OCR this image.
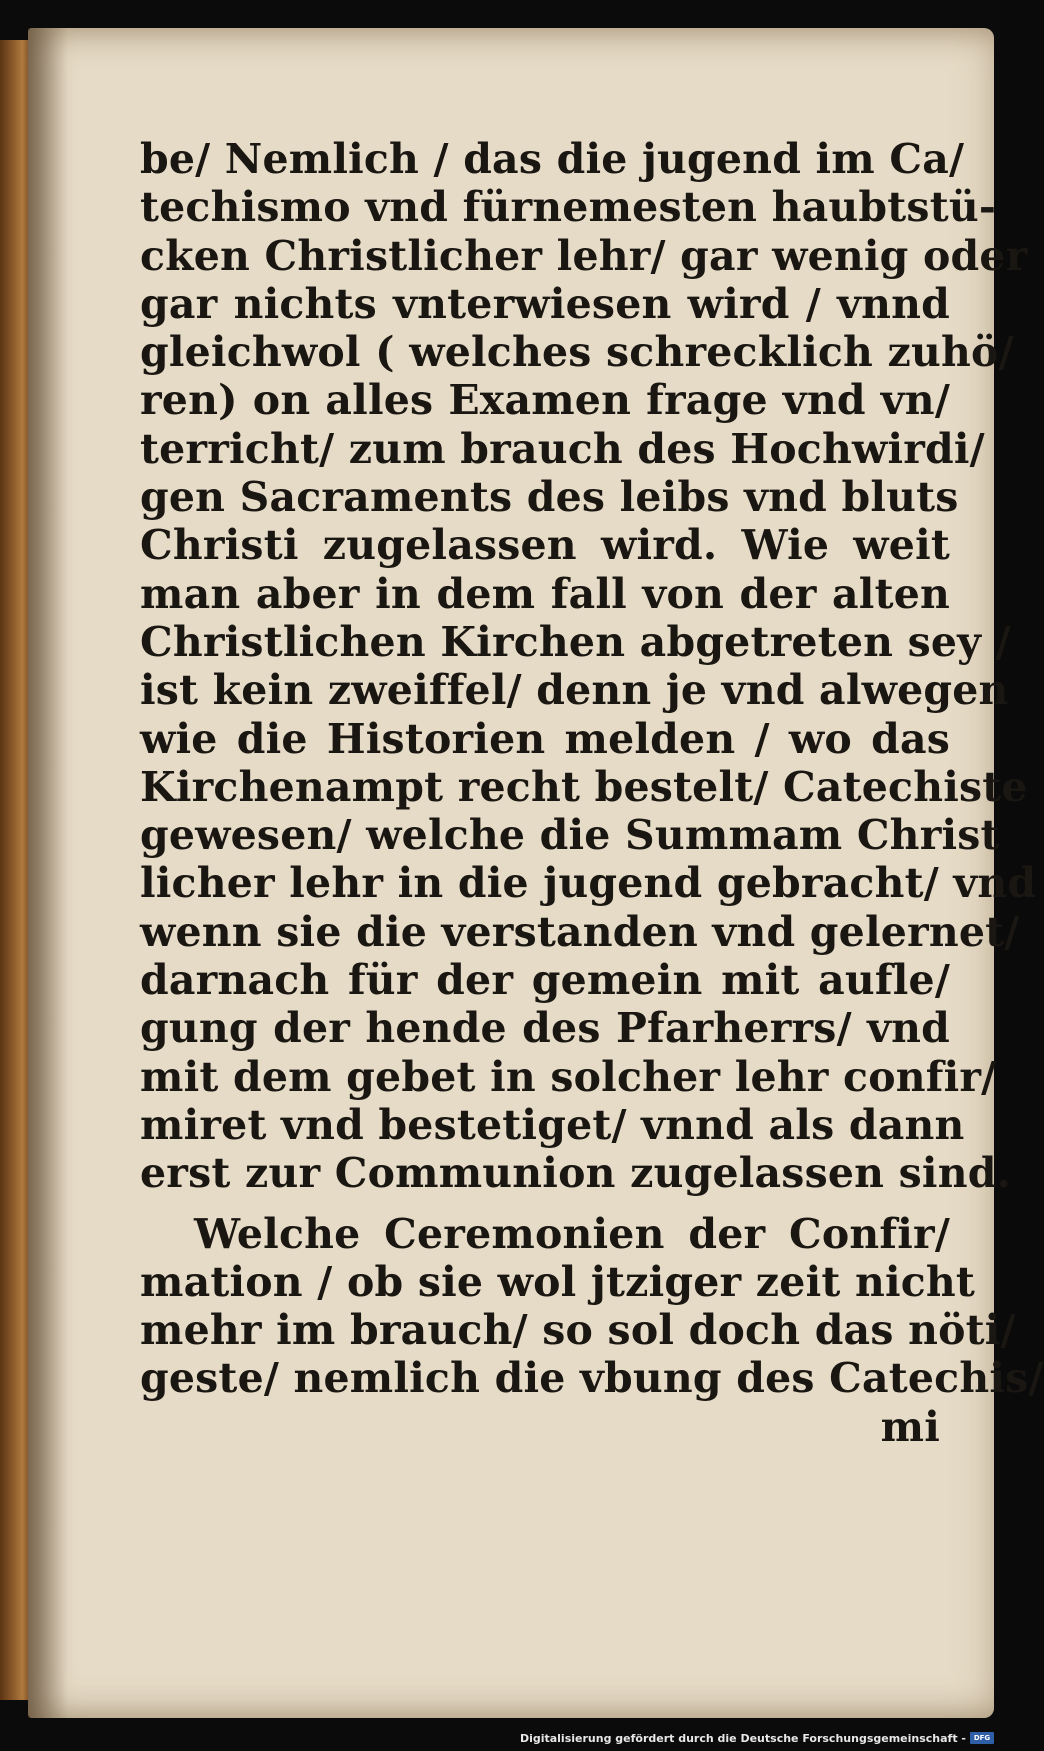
be/ Nemlich / das die jugend im Ca/
techismo vnd fürnemesten haubtstü-
cken Christlicher lehr/ gar wenig oder
gar nichts vnterwiesen wird / vnnd
gleichwol ( welches schrecklich zuhö/
ren) on alles Examen frage vnd vn/
terricht/ zum brauch des Hochwirdi/
gen Sacraments des leibs vnd bluts
Christi zugelassen wird. Wie weit
man aber in dem fall von der alten
Christlichen Kirchen abgetreten sey /
ist kein zweiffel/ denn je vnd alwegen
wie die Historien melden / wo das
Kirchenampt recht bestelt/ Catechiste
gewesen/ welche die Summam Christ
licher lehr in die jugend gebracht/ vnd
wenn sie die verstanden vnd gelernet/
darnach für der gemein mit aufle/
gung der hende des Pfarherrs/ vnd
mit dem gebet in solcher lehr confir/
miret vnd bestetiget/ vnnd als dann
erst zur Communion zugelassen sind.
Welche Ceremonien der Confir/
mation / ob sie wol jtziger zeit nicht
mehr im brauch/ so sol doch das nöti/
geste/ nemlich die vbung des Catechis/
mi
Digitalisierung gefördert durch die Deutsche Forschungsgemeinschaft -	DFG
